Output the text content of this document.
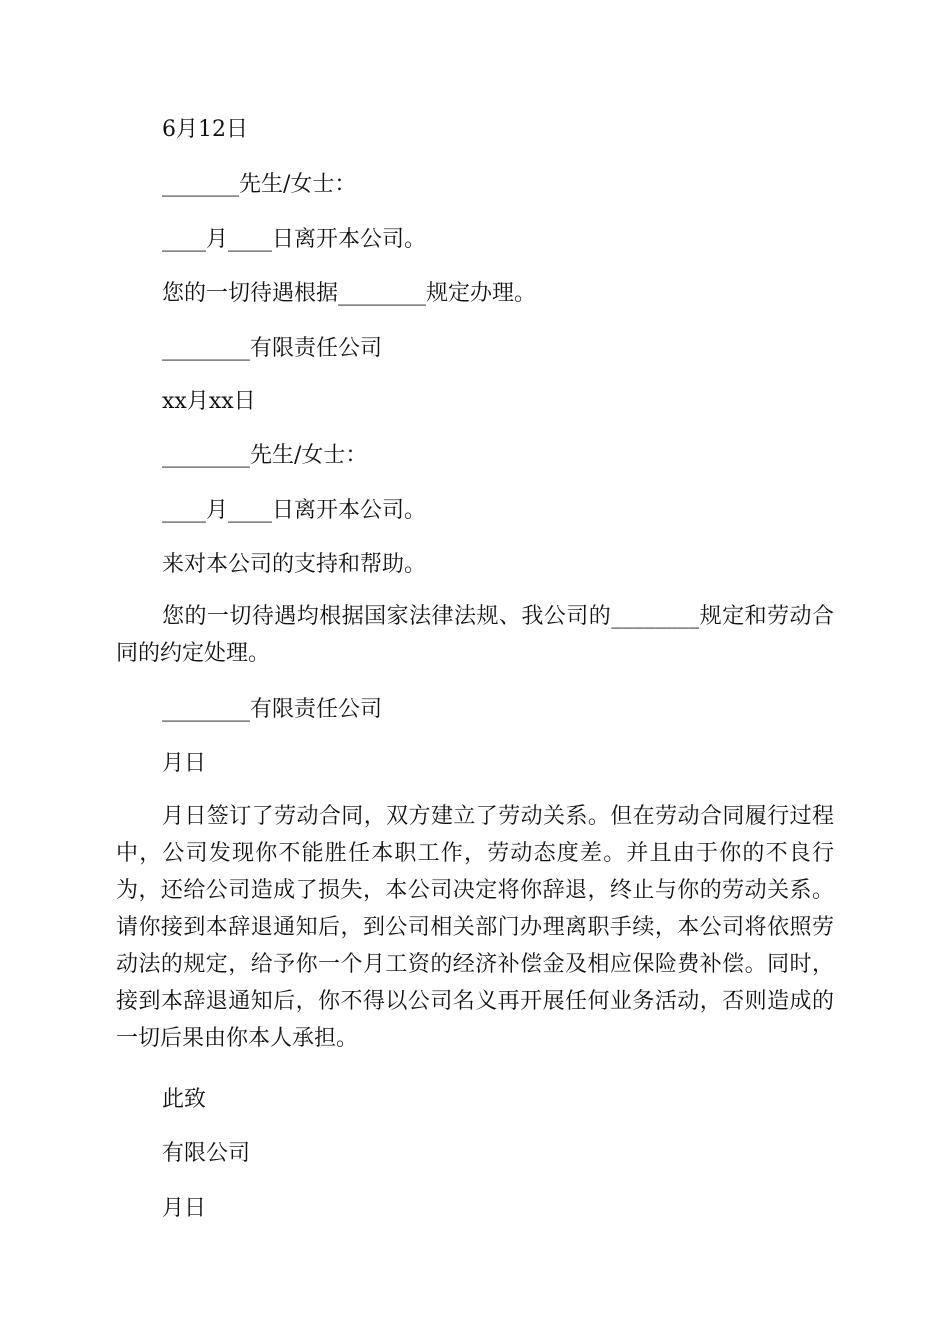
6月12日

_______先生/女士：

____月____日离开本公司。

您的一切待遇根据________规定办理。

________有限责任公司

xx月xx日

________先生/女士：

____月____日离开本公司。

来对本公司的支持和帮助。

您的一切待遇均根据国家法律法规、我公司的________规定和劳动合同的约定处理。

________有限责任公司

月日

月日签订了劳动合同，双方建立了劳动关系。但在劳动合同履行过程中，公司发现你不能胜任本职工作，劳动态度差。并且由于你的不良行为，还给公司造成了损失，本公司决定将你辞退，终止与你的劳动关系。请你接到本辞退通知后，到公司相关部门办理离职手续，本公司将依照劳动法的规定，给予你一个月工资的经济补偿金及相应保险费补偿。同时，接到本辞退通知后，你不得以公司名义再开展任何业务活动，否则造成的一切后果由你本人承担。

此致

有限公司

月日
